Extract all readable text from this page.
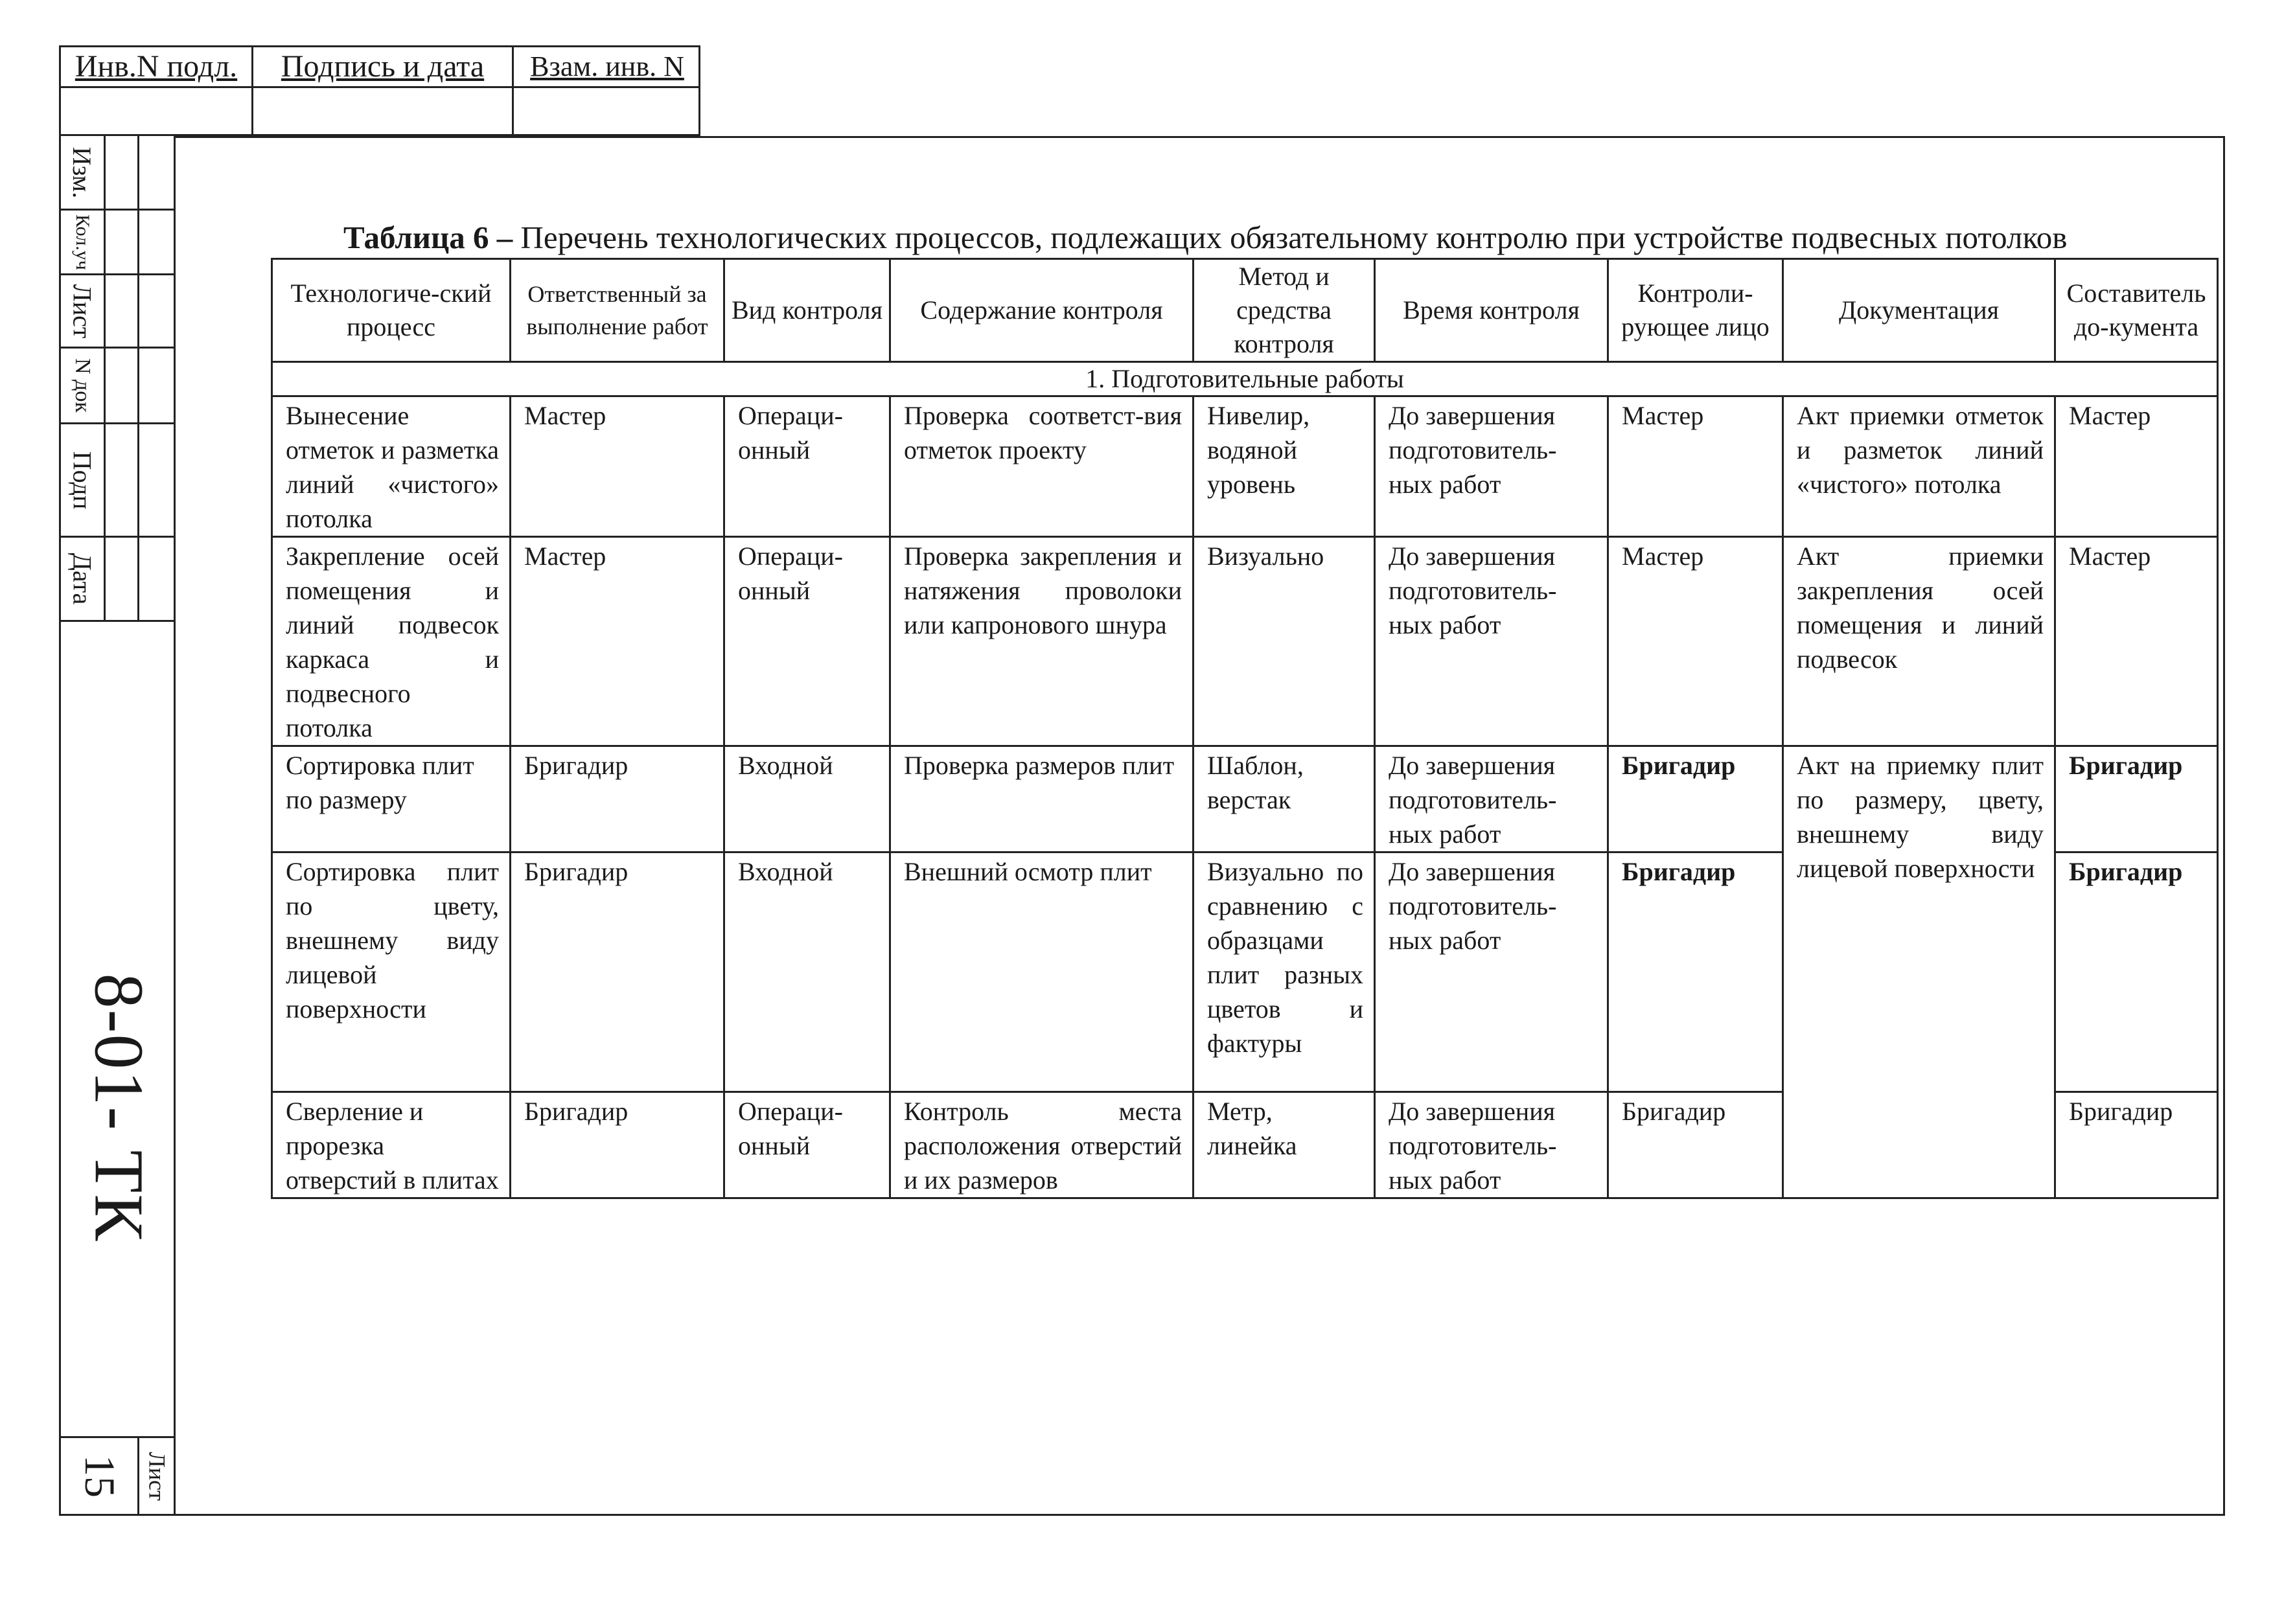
Инв.N подл.	Подпись и дата	Взам. инв. N
Изм.
Кол.уч
Лист
N док
Подп
Дата
8-01- ТК
15 Лист
Таблица 6 – Перечень технологических процессов, подлежащих обязательному контролю при устройстве подвесных потолков
Технологиче-ский процесс	Ответственный за выполнение работ	Вид контроля	Содержание контроля	Метод и средства контроля	Время контроля	Контроли-рующее лицо	Документация	Составитель до-кумента
1. Подготовительные работы								
Вынесение отметок и разметка линий «чистого» потолка	Мастер	Операци-онный	Проверка соответст-вия отметок проекту	Нивелир, водяной уровень	До завершения подготовитель-ных работ	Мастер	Акт приемки отметок и разметок линий «чистого» потолка	Мастер
Закрепление осей помещения и линий подвесок каркаса и подвесного потолка	Мастер	Операци-онный	Проверка закрепления и натяжения проволоки или капронового шнура	Визуально	До завершения подготовитель-ных работ	Мастер	Акт приемки закрепления осей помещения и линий подвесок	Мастер
Сортировка плит по размеру	Бригадир	Входной	Проверка размеров плит	Шаблон, верстак	До завершения подготовитель-ных работ	Бригадир	Акт на приемку плит по размеру, цвету, внешнему виду лицевой поверхности	Бригадир
Сортировка плит по цвету, внешнему виду лицевой поверхности	Бригадир	Входной	Внешний осмотр плит	Визуально по сравнению с образцами плит разных цветов и фактуры	До завершения подготовитель-ных работ	Бригадир		Бригадир
Сверление и прорезка отверстий в плитах	Бригадир	Операци-онный	Контроль места расположения отверстий и их размеров	Метр, линейка	До завершения подготовитель-ных работ	Бригадир		Бригадир
